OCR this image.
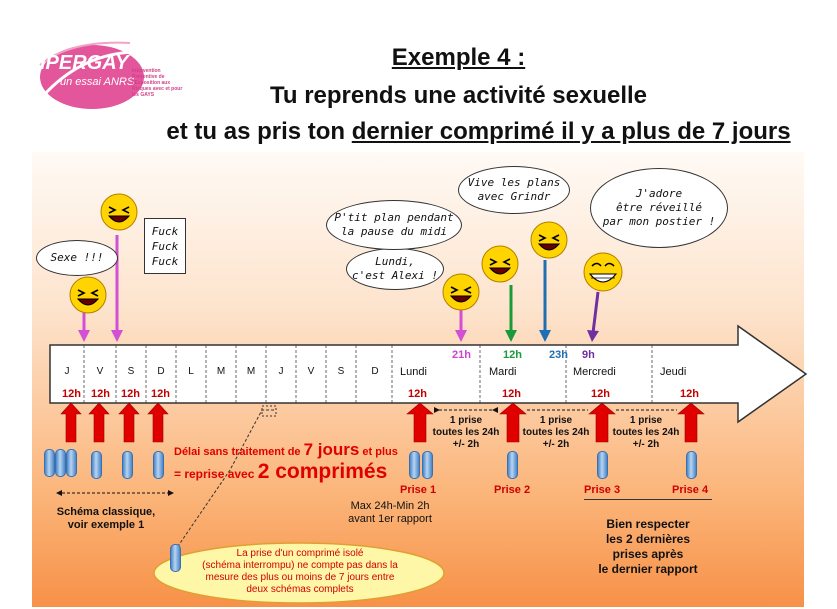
IPERGAY
un essai ANRS
Intervention Préventive de l'Exposition aux Risques avec et pour les GAYS
Exemple 4 :
Tu reprends une activité sexuelle
et tu as pris ton dernier comprimé il y a plus de 7 jours
Sexe !!!
Fuck
Fuck
Fuck	Lundi,
c'est Alexi !
P'tit plan pendant
la pause du midi
Vive les plans
avec Grindr	J'adore
être réveillé
par mon postier !
21h	12h 23h 9h
J	V	S	D	L	M	M	J	V	S	D	Lundi	Mardi	Mercredi	Jeudi
12h 12h 12h 12h	12h	12h	12h	12h
1 prise
toutes les 24h
+/- 2h
1 prise
toutes les 24h
+/- 2h
1 prise
toutes les 24h
+/- 2h
Délai sans traitement de 7 jours et plus
= reprise avec 2 comprimés
Schéma classique,
voir exemple 1
Prise 1	Prise 2	Prise 3	Prise 4
Max 24h-Min 2h
avant 1er rapport	Bien respecter
les 2 dernières
prises après
le dernier rapport
La prise d'un comprimé isolé
(schéma interrompu) ne compte pas dans la
mesure des plus ou moins de 7 jours entre
deux schémas complets
